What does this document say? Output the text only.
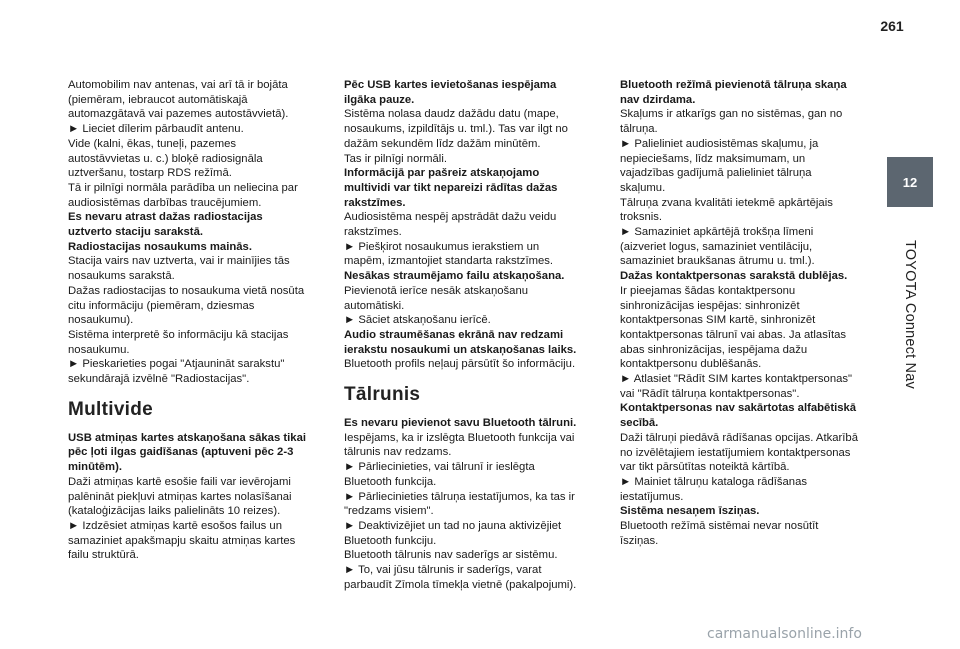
261
12
TOYOTA Connect Nav

Automobilim nav antenas, vai arī tā ir bojāta (piemēram, iebraucot automātiskajā automazgātavā vai pazemes autostāvvietā).

► Lieciet dīlerim pārbaudīt antenu.

Vide (kalni, ēkas, tuneļi, pazemes autostāvvietas u. c.) bloķē radiosignāla uztveršanu, tostarp RDS režīmā.

Tā ir pilnīgi normāla parādība un neliecina par audiosistēmas darbības traucējumiem.

Es nevaru atrast dažas radiostacijas uztverto staciju sarakstā.

Radiostacijas nosaukums mainās.

Stacija vairs nav uztverta, vai ir mainījies tās nosaukums sarakstā.

Dažas radiostacijas to nosaukuma vietā nosūta citu informāciju (piemēram, dziesmas nosaukumu).

Sistēma interpretē šo informāciju kā stacijas nosaukumu.

► Pieskarieties pogai "Atjaunināt sarakstu" sekundārajā izvēlnē "Radiostacijas".

Multivide

USB atmiņas kartes atskaņošana sākas tikai pēc ļoti ilgas gaidīšanas (aptuveni pēc 2-3 minūtēm).

Daži atmiņas kartē esošie faili var ievērojami palēnināt piekļuvi atmiņas kartes nolasīšanai (kataloģizācijas laiks palielināts 10 reizes).

► Izdzēsiet atmiņas kartē esošos failus un samaziniet apakšmapju skaitu atmiņas kartes failu struktūrā.

Pēc USB kartes ievietošanas iespējama ilgāka pauze.

Sistēma nolasa daudz dažādu datu (mape, nosaukums, izpildītājs u. tml.). Tas var ilgt no dažām sekundēm līdz dažām minūtēm.

Tas ir pilnīgi normāli.

Informācijā par pašreiz atskaņojamo multividi var tikt nepareizi rādītas dažas rakstzīmes.

Audiosistēma nespēj apstrādāt dažu veidu rakstzīmes.

► Piešķirot nosaukumus ierakstiem un mapēm, izmantojiet standarta rakstzīmes.

Nesākas straumējamo failu atskaņošana.

Pievienotā ierīce nesāk atskaņošanu automātiski.

► Sāciet atskaņošanu ierīcē.

Audio straumēšanas ekrānā nav redzami ierakstu nosaukumi un atskaņošanas laiks.

Bluetooth profils neļauj pārsūtīt šo informāciju.

Tālrunis

Es nevaru pievienot savu Bluetooth tālruni.

Iespējams, ka ir izslēgta Bluetooth funkcija vai tālrunis nav redzams.

► Pārliecinieties, vai tālrunī ir ieslēgta Bluetooth funkcija.

► Pārliecinieties tālruņa iestatījumos, ka tas ir "redzams visiem".

► Deaktivizējiet un tad no jauna aktivizējiet Bluetooth funkciju.

Bluetooth tālrunis nav saderīgs ar sistēmu.

► To, vai jūsu tālrunis ir saderīgs, varat parbaudīt Zīmola tīmekļa vietnē (pakalpojumi).

Bluetooth režīmā pievienotā tālruņa skaņa nav dzirdama.

Skaļums ir atkarīgs gan no sistēmas, gan no tālruņa.

► Palieliniet audiosistēmas skaļumu, ja nepieciešams, līdz maksimumam, un vajadzības gadījumā palieliniet tālruņa skaļumu.

Tālruņa zvana kvalitāti ietekmē apkārtējais troksnis.

► Samaziniet apkārtējā trokšņa līmeni (aizveriet logus, samaziniet ventilāciju, samaziniet braukšanas ātrumu u. tml.).

Dažas kontaktpersonas sarakstā dublējas.

Ir pieejamas šādas kontaktpersonu sinhronizācijas iespējas: sinhronizēt kontaktpersonas SIM kartē, sinhronizēt kontaktpersonas tālrunī vai abas. Ja atlasītas abas sinhronizācijas, iespējama dažu kontaktpersonu dublēšanās.

► Atlasiet "Rādīt SIM kartes kontaktpersonas" vai "Rādīt tālruņa kontaktpersonas".

Kontaktpersonas nav sakārtotas alfabētiskā secībā.

Daži tālruņi piedāvā rādīšanas opcijas. Atkarībā no izvēlētajiem iestatījumiem kontaktpersonas var tikt pārsūtītas noteiktā kārtībā.

► Mainiet tālruņu kataloga rādīšanas iestatījumus.

Sistēma nesaņem īsziņas.

Bluetooth režīmā sistēmai nevar nosūtīt īsziņas.

carmanualsonline.info
